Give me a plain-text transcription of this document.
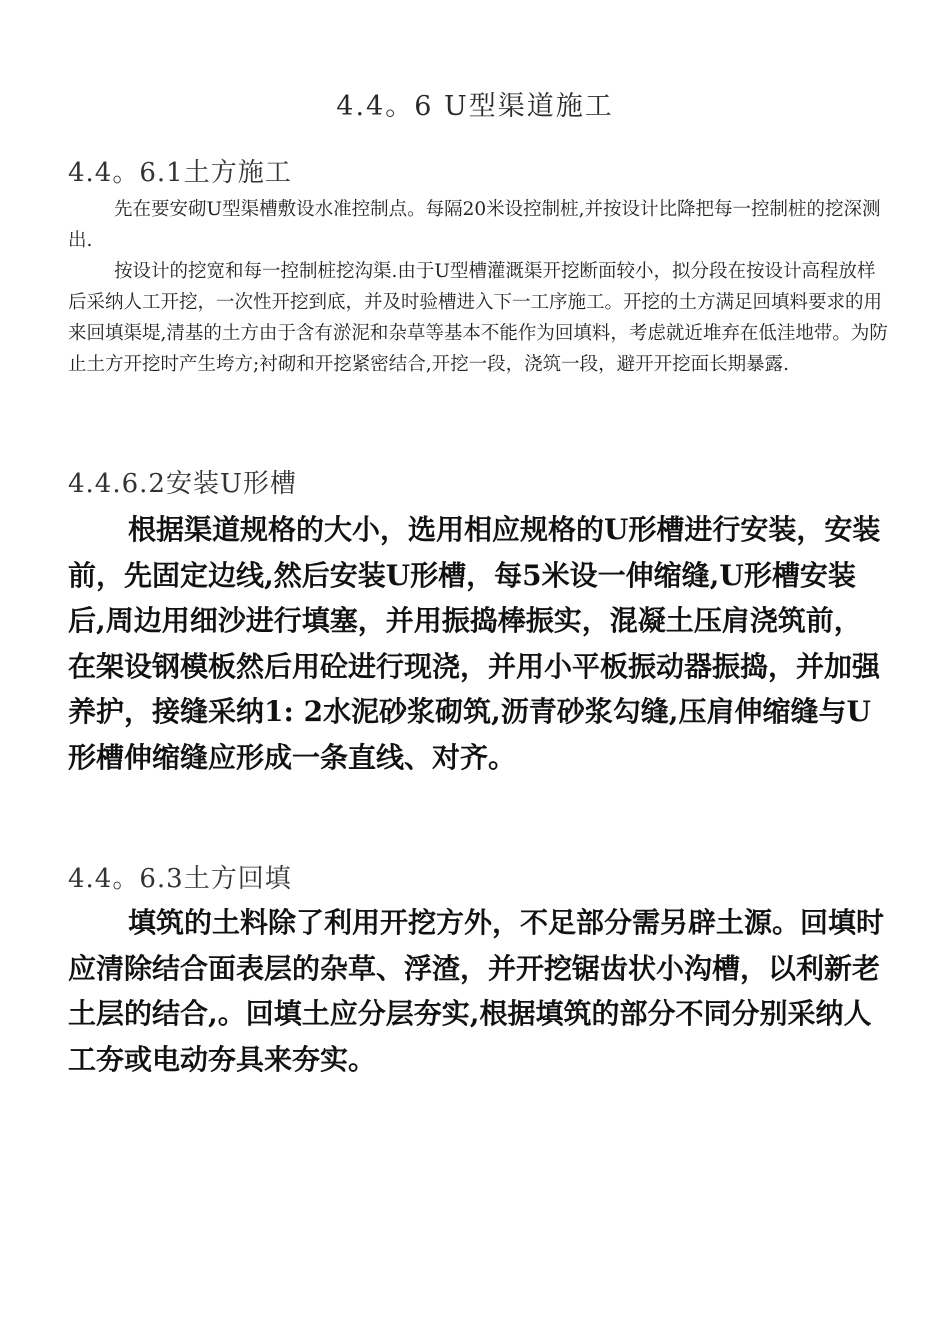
4.4。6 U型渠道施工
4.4。6.1土方施工

先在要安砌U型渠槽敷设水准控制点。每隔20米设控制桩,并按设计比降把每一控制桩的挖深测出.

按设计的挖宽和每一控制桩挖沟渠.由于U型槽灌溉渠开挖断面较小，拟分段在按设计高程放样后采纳人工开挖，一次性开挖到底，并及时验槽进入下一工序施工。开挖的土方满足回填料要求的用来回填渠堤,清基的土方由于含有淤泥和杂草等基本不能作为回填料，考虑就近堆弃在低洼地带。为防止土方开挖时产生垮方;衬砌和开挖紧密结合,开挖一段，浇筑一段，避开开挖面长期暴露.

4.4.6.2安装U形槽

根据渠道规格的大小，选用相应规格的U形槽进行安装，安装前，先固定边线,然后安装U形槽，每5米设一伸缩缝,U形槽安装后,周边用细沙进行填塞，并用振捣棒振实，混凝土压肩浇筑前，在架设钢模板然后用砼进行现浇，并用小平板振动器振捣，并加强养护，接缝采纳1: 2水泥砂浆砌筑,沥青砂浆勾缝,压肩伸缩缝与U形槽伸缩缝应形成一条直线、对齐。

4.4。6.3土方回填

填筑的土料除了利用开挖方外，不足部分需另辟土源。回填时应清除结合面表层的杂草、浮渣，并开挖锯齿状小沟槽，以利新老土层的结合,。回填土应分层夯实,根据填筑的部分不同分别采纳人工夯或电动夯具来夯实。
